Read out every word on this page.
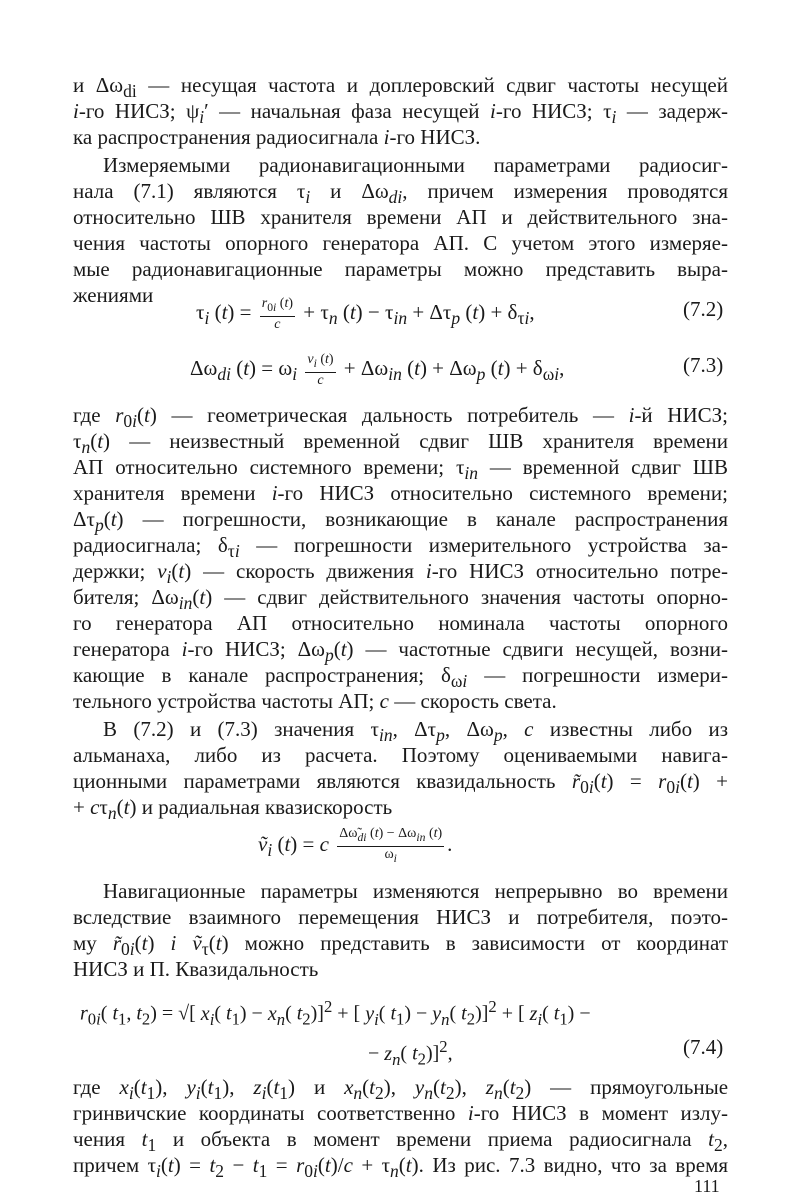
и $\Delta\omega_{di}$ — несущая частота и доплеровский сдвиг частоты несущей
i-го НИСЗ; $\psi_i'$ — начальная фаза несущей i-го НИСЗ; $\tau_i$ — задерж-
ка распространения радиосигнала i-го НИСЗ.
Измеряемыми радионавигационными параметрами радиосиг-
нала (7.1) являются $\tau_i$ и $\Delta\omega_{di}$, причем измерения проводятся
относительно ШВ хранителя времени АП и действительного зна-
чения частоты опорного генератора АП. С учетом этого измеряе-
мые радионавигационные параметры можно представить выра-
жениями
$\tau_i$ $(t) = \frac{r_{0i} (t)}{c} + \tau_n$ $(t) - \tau_{in} + \Delta\tau_p$ $(t) + \delta_{\tau i}$,	(7.2)
$\Delta\omega_{di}$ $(t) = \omega_i \frac{v_i (t)}{c} + \Delta\omega_{in}$ $(t) + \Delta\omega_p$ $(t) + \delta_{\omega i}$,	(7.3)
где $r_{0i}(t)$ — геометрическая дальность потребитель — i-й НИСЗ;
$\tau_n(t)$ — неизвестный временной сдвиг ШВ хранителя времени
АП относительно системного времени; $\tau_{in}$ — временной сдвиг ШВ
хранителя времени i-го НИСЗ относительно системного времени;
$\Delta\tau_p(t)$ — погрешности, возникающие в канале распространения
радиосигнала; $\delta_{\tau i}$ — погрешности измерительного устройства за-
держки; $v_i(t)$ — скорость движения i-го НИСЗ относительно потре-
бителя; $\Delta\omega_{in}(t)$ — сдвиг действительного значения частоты опорно-
го генератора АП относительно номинала частоты опорного
генератора i-го НИСЗ; $\Delta\omega_p(t)$ — частотные сдвиги несущей, возни-
кающие в канале распространения; $\delta_{\omega i}$ — погрешности измери-
тельного устройства частоты АП; c — скорость света.
В (7.2) и (7.3) значения $\tau_{in}$, $\Delta\tau_p$, $\Delta\omega_p$, c известны либо из
альманаха, либо из расчета. Поэтому оцениваемыми навига-
ционными параметрами являются квазидальность $r̃_{0i}(t) = r_{0i}(t)$ +
+ $c\tau_n(t)$ и радиальная квазискорость
ṽ$_i$ (t) = c $\frac{\Delta\omegã_{di} (t) - \Delta\omega_{in} (t)}{\omega_i}$ .
Навигационные параметры изменяются непрерывно во времени
вследствие взаимного перемещения НИСЗ и потребителя, поэто-
му $r̃_{0i}(t)$ i ṽ$_\tau$(t) можно представить в зависимости от координат
НИСЗ и П. Квазидальность
$r_{0i}$( $t_1$, $t_2$) = √[ $x_i$( $t_1) - x_n$( $t_2)]^2$ + [ $y_i$( $t_1) - y_n$( $t_2)]^2$ + [ $z_i$( $t_1$) −
− $z_n$( $t_2)]^2$,	(7.4)
где $x_i(t_1)$, $y_i(t_1)$, $z_i(t_1)$ и $x_n(t_2)$, $y_n(t_2)$, $z_n(t_2)$ — прямоугольные
гринвичские координаты соответственно i-го НИСЗ в момент излу-
чения $t_1$ и объекта в момент времени приема радиосигнала $t_2$,
причем $\tau_i(t) = t_2 - t_1 = r_{0i}(t)/c + \tau_n(t)$. Из рис. 7.3 видно, что за время
111
